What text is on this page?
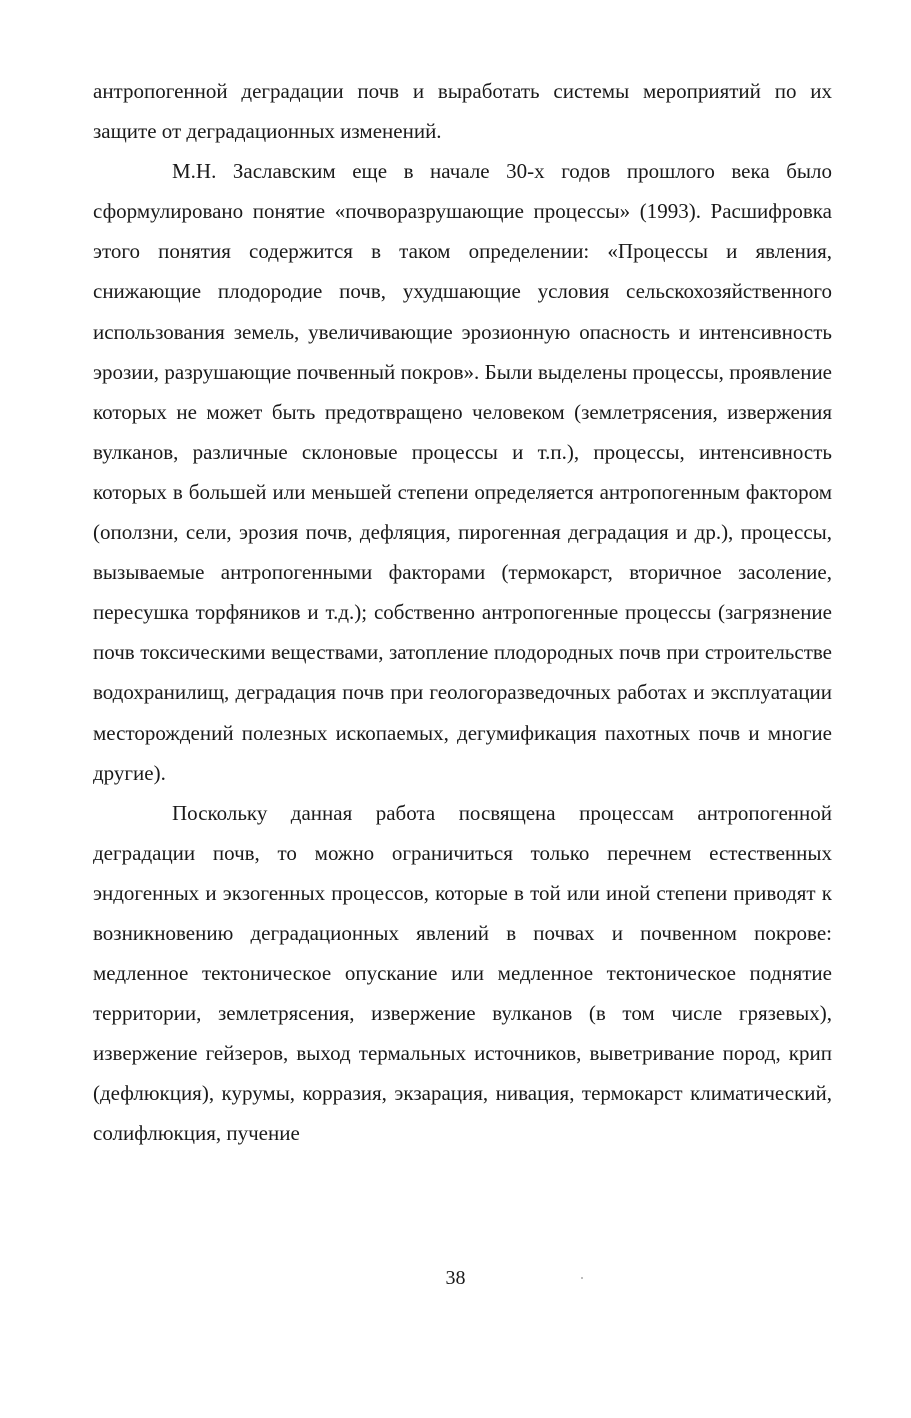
антропогенной деградации почв и выработать системы мероприятий по их защите от деградационных изменений.

М.Н. Заславским еще в начале 30-х годов прошлого века было сформулировано понятие «почворазрушающие процессы» (1993). Расшифровка этого понятия содержится в таком определении: «Процессы и явления, снижающие плодородие почв, ухудшающие условия сельскохозяйственного использования земель, увеличивающие эрозионную опасность и интенсивность эрозии, разрушающие почвенный покров». Были выделены процессы, проявление которых не может быть предотвращено человеком (землетрясения, извержения вулканов, различные склоновые процессы и т.п.), процессы, интенсивность которых в большей или меньшей степени определяется антропогенным фактором (оползни, сели, эрозия почв, дефляция, пирогенная деградация и др.), процессы, вызываемые антропогенными факторами (термокарст, вторичное засоление, пересушка торфяников и т.д.); собственно антропогенные процессы (загрязнение почв токсическими веществами, затопление плодородных почв при строительстве водохранилищ, деградация почв при геологоразведочных работах и эксплуатации месторождений полезных ископаемых, дегумификация пахотных почв и многие другие).

Поскольку данная работа посвящена процессам антропогенной деградации почв, то можно ограничиться только перечнем естественных эндогенных и экзогенных процессов, которые в той или иной степени приводят к возникновению деградационных явлений в почвах и почвенном покрове: медленное тектоническое опускание или медленное тектоническое поднятие территории, землетрясения, извержение вулканов (в том числе грязевых), извержение гейзеров, выход термальных источников, выветривание пород, крип (дефлюкция), курумы, корразия, экзарация, нивация, термокарст климатический, солифлюкция, пучение

38
